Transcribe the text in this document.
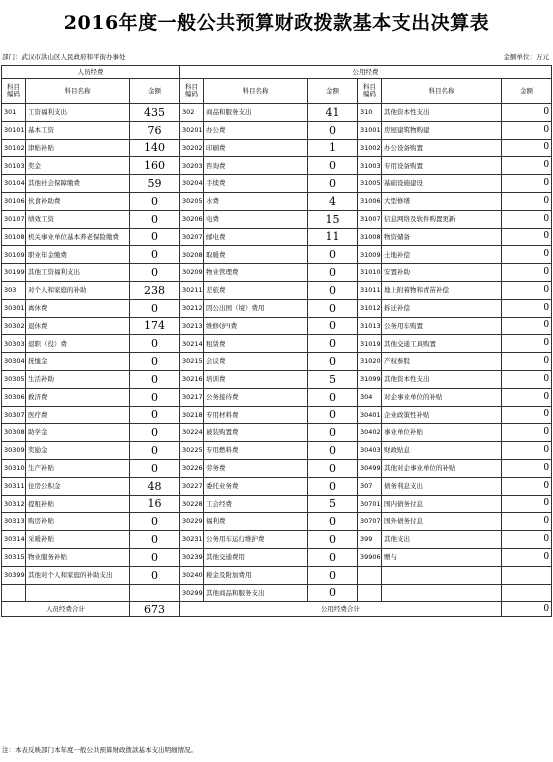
2016年度一般公共预算财政拨款基本支出决算表
部门：武汉市洪山区人民政府和平街办事处	金额单位：万元
人员经费			公用经费					
科目编码	科目名称	金额	科目编码	科目名称	金额	科目编码	科目名称	金额
301	工资福利支出	435	302	商品和服务支出	41	310	其他资本性支出	0
30101	基本工资	76	30201	办公费	0	31001	房屋建筑物购建	0
30102	津贴补贴	140	30202	印刷费	1	31002	办公设备购置	0
30103	奖金	160	30203	咨询费	0	31003	专用设备购置	0
30104	其他社会保障缴费	59	30204	手续费	0	31005	基础设施建设	0
30106	伙食补助费	0	30205	水费	4	31006	大型修缮	0
30107	绩效工资	0	30206	电费	15	31007	信息网络及软件购置更新	0
30108	机关事业单位基本养老保险缴费	0	30207	邮电费	11	31008	物资储备	0
30109	职业年金缴费	0	30208	取暖费	0	31009	土地补偿	0
30199	其他工资福利支出	0	30209	物业管理费	0	31010	安置补助	0
303	对个人和家庭的补助	238	30211	差旅费	0	31011	地上附着物和青苗补偿	0
30301	离休费	0	30212	因公出国（境）费用	0	31012	拆迁补偿	0
30302	退休费	174	30213	维修(护)费	0	31013	公务用车购置	0
30303	退职（役）费	0	30214	租赁费	0	31019	其他交通工具购置	0
30304	抚恤金	0	30215	会议费	0	31020	产权参股	0
30305	生活补助	0	30216	培训费	5	31099	其他资本性支出	0
30306	救济费	0	30217	公务接待费	0	304	对企事业单位的补贴	0
30307	医疗费	0	30218	专用材料费	0	30401	企业政策性补贴	0
30308	助学金	0	30224	被装购置费	0	30402	事业单位补贴	0
30309	奖励金	0	30225	专用燃料费	0	30403	财政贴息	0
30310	生产补贴	0	30226	劳务费	0	30499	其他对企事业单位的补贴	0
30311	住房公积金	48	30227	委托业务费	0	307	债务利息支出	0
30312	提租补贴	16	30228	工会经费	5	30701	国内债务付息	0
30313	购房补贴	0	30229	福利费	0	30707	国外债务付息	0
30314	采暖补贴	0	30231	公务用车运行维护费	0	399	其他支出	0
30315	物业服务补贴	0	30239	其他交通费用	0	39906	赠与	0
30399	其他对个人和家庭的补助支出	0	30240	税金及附加费用	0			
			30299	其他商品和服务支出	0			
人员经费合计		673	公用经费合计					0
注：本表反映部门本年度一般公共预算财政拨款基本支出明细情况。
